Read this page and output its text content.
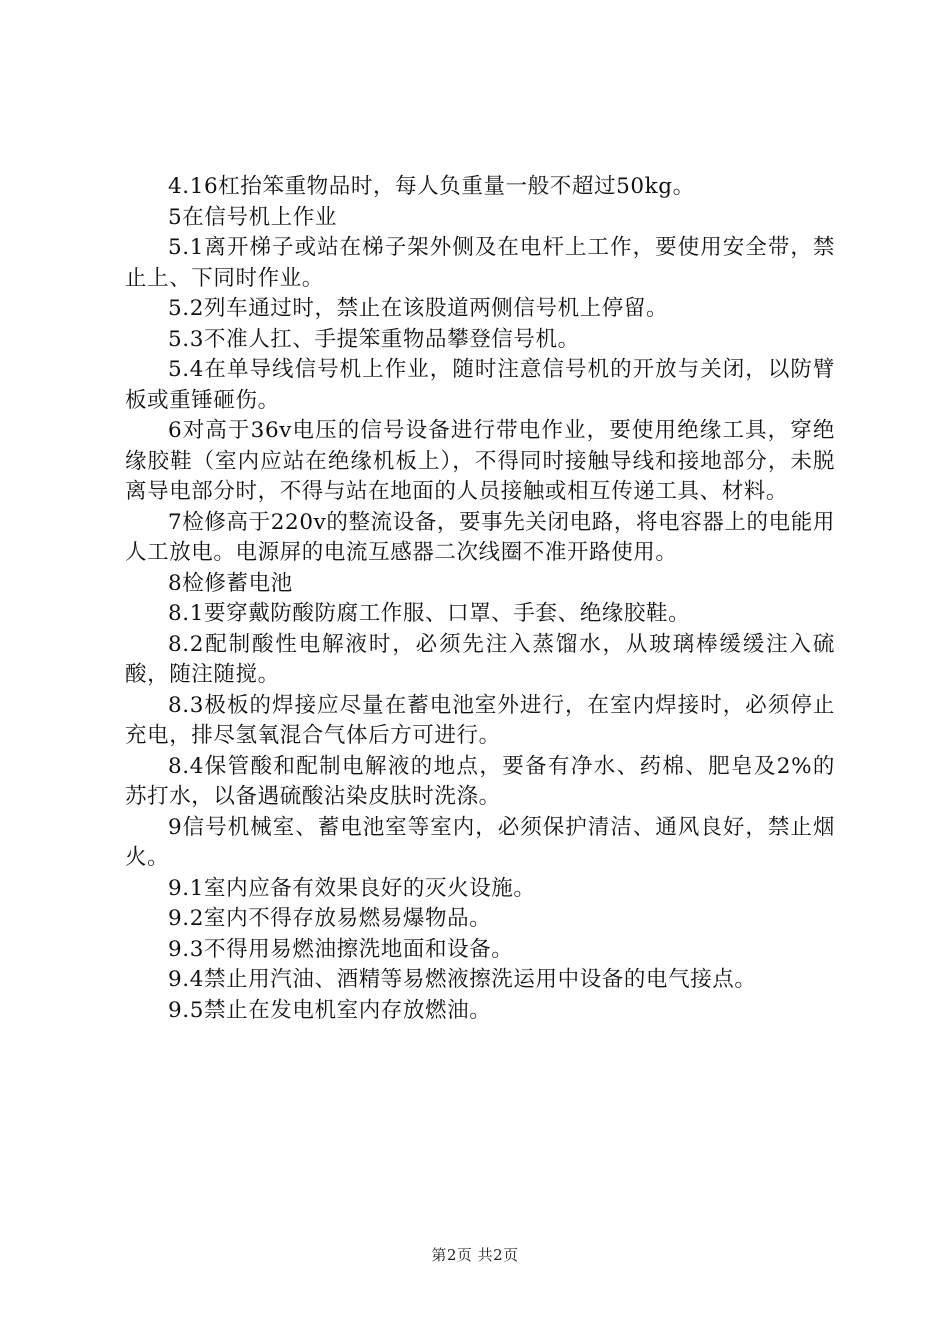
4.16杠抬笨重物品时，每人负重量一般不超过50kg。

5在信号机上作业

5.1离开梯子或站在梯子架外侧及在电杆上工作，要使用安全带，禁止上、下同时作业。

5.2列车通过时，禁止在该股道两侧信号机上停留。

5.3不准人扛、手提笨重物品攀登信号机。

5.4在单导线信号机上作业，随时注意信号机的开放与关闭，以防臂板或重锤砸伤。

6对高于36v电压的信号设备进行带电作业，要使用绝缘工具，穿绝缘胶鞋（室内应站在绝缘机板上），不得同时接触导线和接地部分，未脱离导电部分时，不得与站在地面的人员接触或相互传递工具、材料。

7检修高于220v的整流设备，要事先关闭电路，将电容器上的电能用人工放电。电源屏的电流互感器二次线圈不准开路使用。

8检修蓄电池

8.1要穿戴防酸防腐工作服、口罩、手套、绝缘胶鞋。

8.2配制酸性电解液时，必须先注入蒸馏水，从玻璃棒缓缓注入硫酸，随注随搅。

8.3极板的焊接应尽量在蓄电池室外进行，在室内焊接时，必须停止充电，排尽氢氧混合气体后方可进行。

8.4保管酸和配制电解液的地点，要备有净水、药棉、肥皂及2%的苏打水，以备遇硫酸沾染皮肤时洗涤。

9信号机械室、蓄电池室等室内，必须保护清洁、通风良好，禁止烟火。

9.1室内应备有效果良好的灭火设施。

9.2室内不得存放易燃易爆物品。

9.3不得用易燃油擦洗地面和设备。

9.4禁止用汽油、酒精等易燃液擦洗运用中设备的电气接点。

9.5禁止在发电机室内存放燃油。

第2页 共2页
